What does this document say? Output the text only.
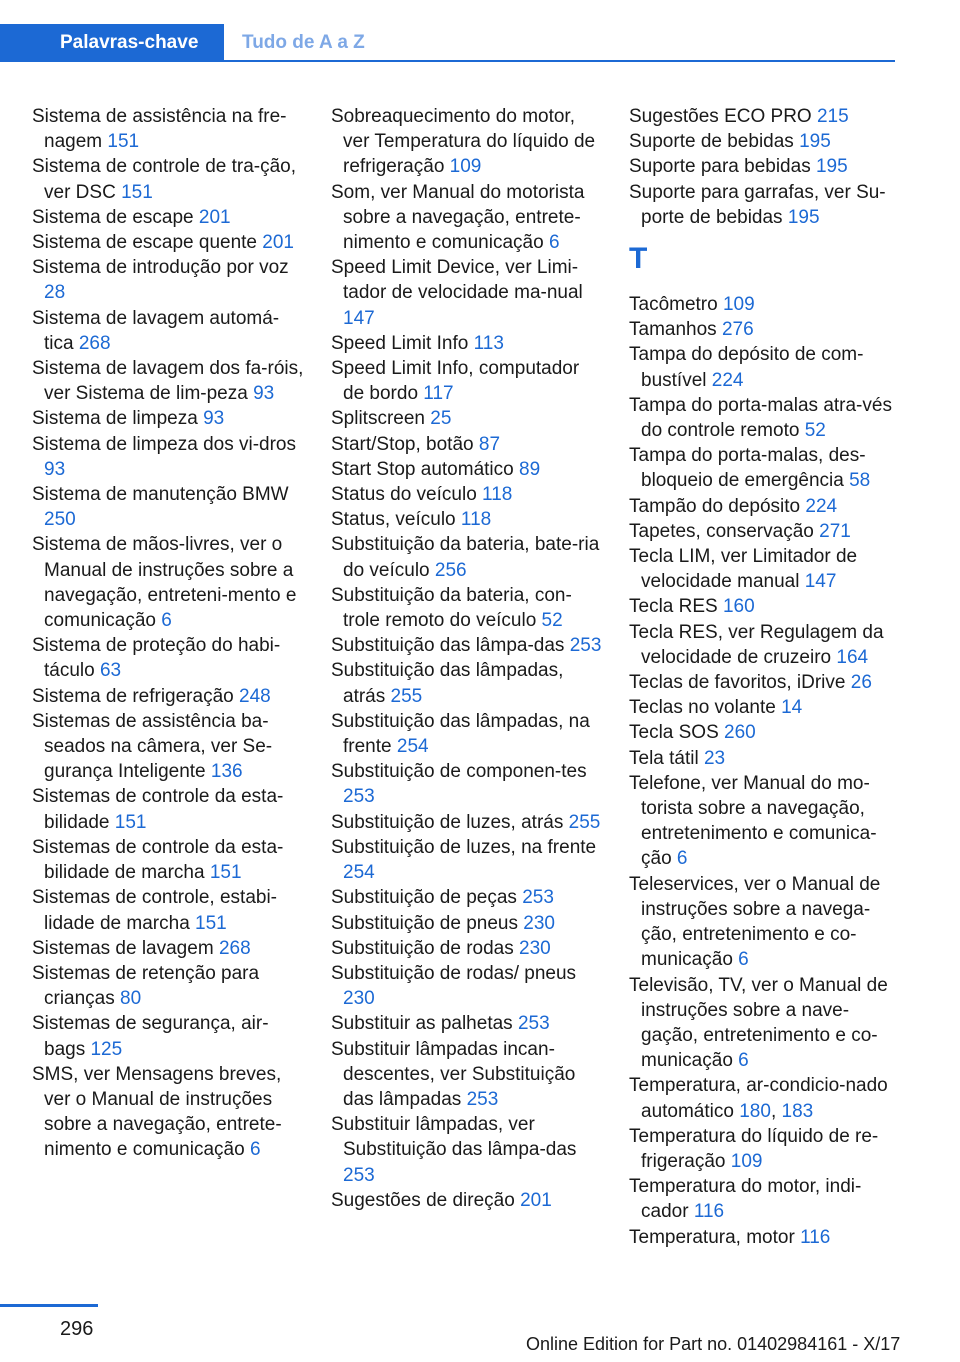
Palavras-chave	Tudo de A a Z
Sistema de assistência na fre-nagem 151
Sistema de controle de tra-ção, ver DSC 151
Sistema de escape 201
Sistema de escape quente 201
Sistema de introdução por voz 28
Sistema de lavagem automá-tica 268
Sistema de lavagem dos fa-róis, ver Sistema de lim-peza 93
Sistema de limpeza 93
Sistema de limpeza dos vi-dros 93
Sistema de manutenção BMW 250
Sistema de mãos-livres, ver o Manual de instruções sobre a navegação, entreteni-mento e comunicação 6
Sistema de proteção do habi-táculo 63
Sistema de refrigeração 248
Sistemas de assistência ba-seados na câmera, ver Se-gurança Inteligente 136
Sistemas de controle da esta-bilidade 151
Sistemas de controle da esta-bilidade de marcha 151
Sistemas de controle, estabi-lidade de marcha 151
Sistemas de lavagem 268
Sistemas de retenção para crianças 80
Sistemas de segurança, air-bags 125
SMS, ver Mensagens breves, ver o Manual de instruções sobre a navegação, entrete-nimento e comunicação 6
Sobreaquecimento do motor, ver Temperatura do líquido de refrigeração 109
Som, ver Manual do motorista sobre a navegação, entrete-nimento e comunicação 6
Speed Limit Device, ver Limi-tador de velocidade ma-nual 147
Speed Limit Info 113
Speed Limit Info, computador de bordo 117
Splitscreen 25
Start/Stop, botão 87
Start Stop automático 89
Status do veículo 118
Status, veículo 118
Substituição da bateria, bate-ria do veículo 256
Substituição da bateria, con-trole remoto do veículo 52
Substituição das lâmpa-das 253
Substituição das lâmpadas, atrás 255
Substituição das lâmpadas, na frente 254
Substituição de componen-tes 253
Substituição de luzes, atrás 255
Substituição de luzes, na frente 254
Substituição de peças 253
Substituição de pneus 230
Substituição de rodas 230
Substituição de rodas/ pneus 230
Substituir as palhetas 253
Substituir lâmpadas incan-descentes, ver Substituição das lâmpadas 253
Substituir lâmpadas, ver Substituição das lâmpa-das 253
Sugestões de direção 201
Sugestões ECO PRO 215
Suporte de bebidas 195
Suporte para bebidas 195
Suporte para garrafas, ver Su-porte de bebidas 195
T
Tacômetro 109
Tamanhos 276
Tampa do depósito de com-bustível 224
Tampa do porta-malas atra-vés do controle remoto 52
Tampa do porta-malas, des-bloqueio de emergência 58
Tampão do depósito 224
Tapetes, conservação 271
Tecla LIM, ver Limitador de velocidade manual 147
Tecla RES 160
Tecla RES, ver Regulagem da velocidade de cruzeiro 164
Teclas de favoritos, iDrive 26
Teclas no volante 14
Tecla SOS 260
Tela tátil 23
Telefone, ver Manual do mo-torista sobre a navegação, entretenimento e comunica-ção 6
Teleservices, ver o Manual de instruções sobre a navega-ção, entretenimento e co-municação 6
Televisão, TV, ver o Manual de instruções sobre a nave-gação, entretenimento e co-municação 6
Temperatura, ar-condicio-nado automático 180, 183
Temperatura do líquido de re-frigeração 109
Temperatura do motor, indi-cador 116
Temperatura, motor 116
296
Online Edition for Part no. 01402984161 - X/17
